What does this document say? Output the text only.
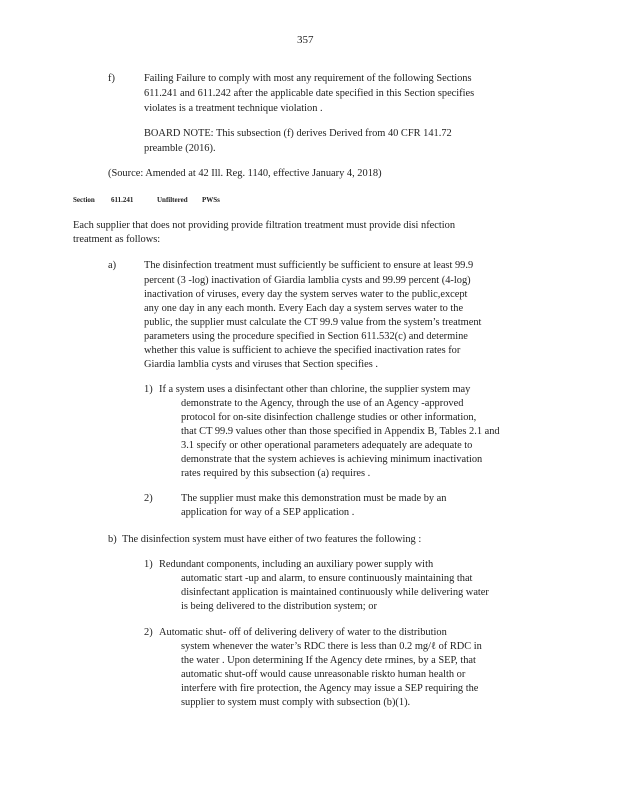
357
f)	Failing Failure to comply with most any requirement of the following Sections
611.241 and 611.242 after the applicable date specified in this Section specifies
violates is a treatment technique violation .
BOARD NOTE: This subsection (f) derives Derived from 40 CFR 141.72
preamble (2016).
(Source: Amended at 42 Ill. Reg. 1140, effective January 4, 2018)
Section 611.241	Unfiltered PWSs
Each supplier that does not providing provide filtration treatment must provide disi nfection
treatment as follows:
a)	The disinfection treatment must sufficiently be sufficient to ensure at least 99.9
percent (3 -log) inactivation of Giardia lamblia cysts and 99.99 percent (4-log)
inactivation of viruses, every day the system serves water to the public,except
any one day in any each month. Every Each day a system serves water to the
public, the supplier must calculate the CT 99.9 value from the system’s treatment
parameters using the procedure specified in Section 611.532(c) and determine
whether this value is sufficient to achieve the specified inactivation rates for
Giardia lamblia cysts and viruses that Section specifies .
1) If a system uses a disinfectant other than chlorine, the supplier system may
demonstrate to the Agency, through the use of an Agency -approved
protocol for on-site disinfection challenge studies or other information,
that CT 99.9 values other than those specified in Appendix B, Tables 2.1 and
3.1 specify or other operational parameters adequately are adequate to
demonstrate that the system achieves is achieving minimum inactivation
rates required by this subsection (a) requires .
2)	The supplier must make this demonstration must be made by an
application for way of a SEP application .
b) The disinfection system must have either of two features the following :
1) Redundant components, including an auxiliary power supply with
automatic start -up and alarm, to ensure continuously maintaining that
disinfectant application is maintained continuously while delivering water
is being delivered to the distribution system; or
2) Automatic shut- off of delivering delivery of water to the distribution
system whenever the water’s RDC there is less than 0.2 mg/ℓ of RDC in
the water . Upon determining If the Agency dete rmines, by a SEP, that
automatic shut-off would cause unreasonable riskto human health or
interfere with fire protection, the Agency may issue a SEP requiring the
supplier to system must comply with subsection (b)(1).
